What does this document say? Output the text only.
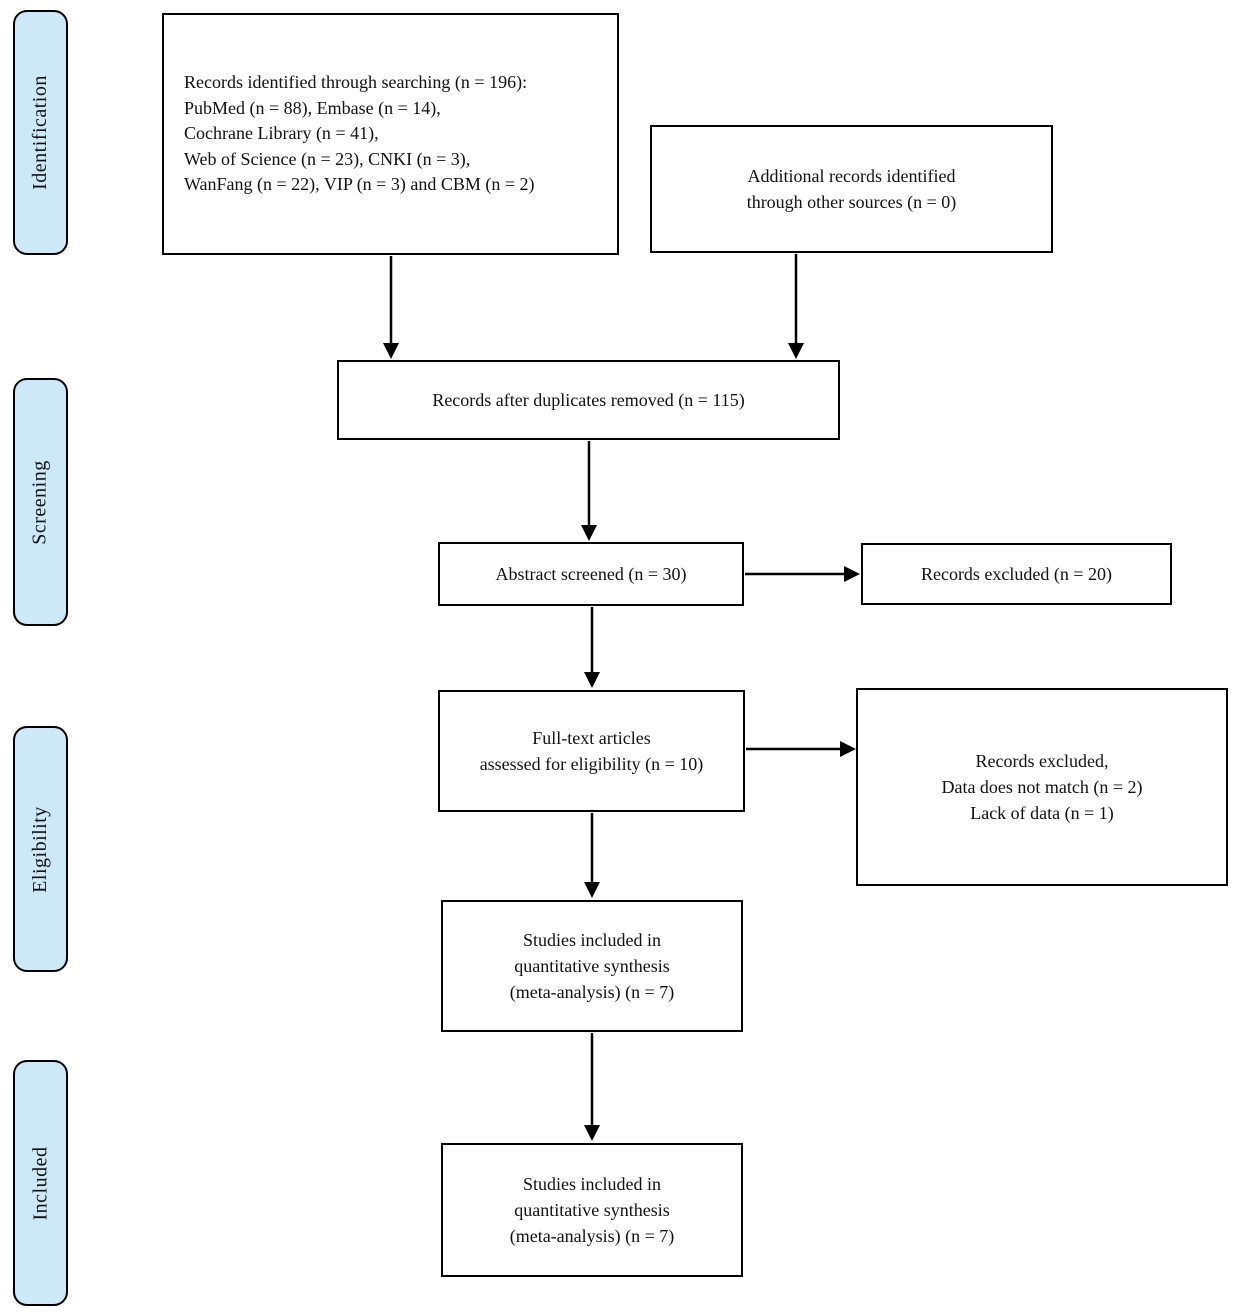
Identification
Screening
Eligibility
Included
Records identified through searching (n = 196):
PubMed (n = 88), Embase (n = 14),
Cochrane Library (n = 41),
Web of Science (n = 23), CNKI (n = 3),
WanFang (n = 22), VIP (n = 3) and CBM (n = 2)	Additional records identified
through other sources (n = 0)
Records after duplicates removed (n = 115)
Abstract screened (n = 30)	Records excluded (n = 20)
Full-text articles
assessed for eligibility (n = 10)	Records excluded,
Data does not match (n = 2)
Lack of data (n = 1)
Studies included in
quantitative synthesis
(meta-analysis) (n = 7)
Studies included in
quantitative synthesis
(meta-analysis) (n = 7)
